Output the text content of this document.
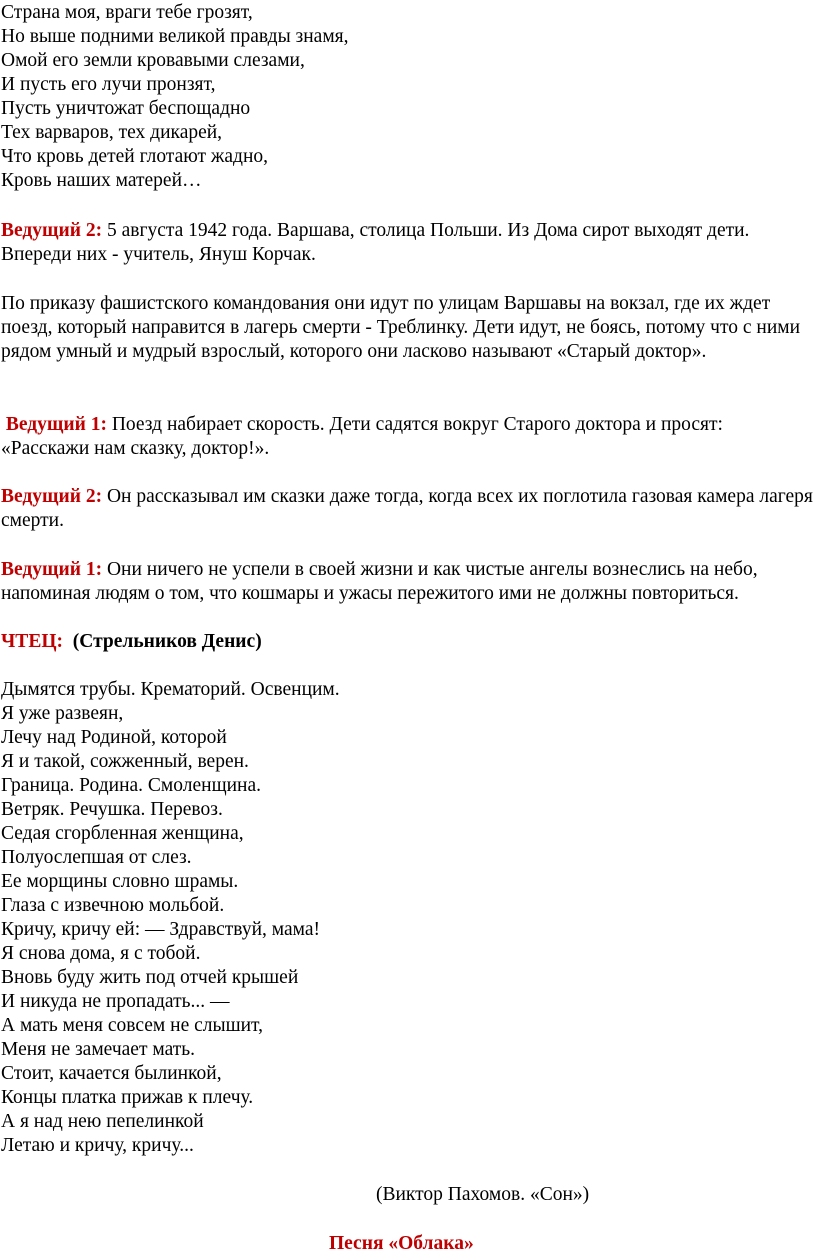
Страна моя, враги тебе грозят,
Но выше подними великой правды знамя,
Омой его земли кровавыми слезами,
И пусть его лучи пронзят,
Пусть уничтожат беспощадно
Тех варваров, тех дикарей,
Что кровь детей глотают жадно,
Кровь наших матерей…
Ведущий 2: 5 августа 1942 года. Варшава, столица Польши. Из Дома сирот выходят дети. Впереди них - учитель, Януш Корчак.
По приказу фашистского командования они идут по улицам Варшавы на вокзал, где их ждет поезд, который направится в лагерь смерти - Треблинку. Дети идут, не боясь, потому что с ними рядом умный и мудрый взрослый, которого они ласково называют «Старый доктор».
Ведущий 1: Поезд набирает скорость. Дети садятся вокруг Старого доктора и просят: «Расскажи нам сказку, доктор!».
Ведущий 2: Он рассказывал им сказки даже тогда, когда всех их поглотила газовая камера лагеря смерти.
Ведущий 1: Они ничего не успели в своей жизни и как чистые ангелы вознеслись на небо, напоминая людям о том, что кошмары и ужасы пережитого ими не должны повториться.
ЧТЕЦ:  (Стрельников Денис)

Дымятся трубы. Крематорий. Освенцим.

Я уже развеян,

Лечу над Родиной, которой

Я и такой, сожженный, верен.

Граница. Родина. Смоленщина.

Ветряк. Речушка. Перевоз.

Седая сгорбленная женщина,

Полуослепшая от слез.

Ее морщины словно шрамы.

Глаза с извечною мольбой.

Кричу, кричу ей: — Здравствуй, мама!

Я снова дома, я с тобой.

Вновь буду жить под отчей крышей

И никуда не пропадать... —

А мать меня совсем не слышит,

Меня не замечает мать.

Стоит, качается былинкой,

Концы платка прижав к плечу.

А я над нею пепелинкой

Летаю и кричу, кричу...

(Виктор Пахомов. «Сон»)
Песня «Облака»
